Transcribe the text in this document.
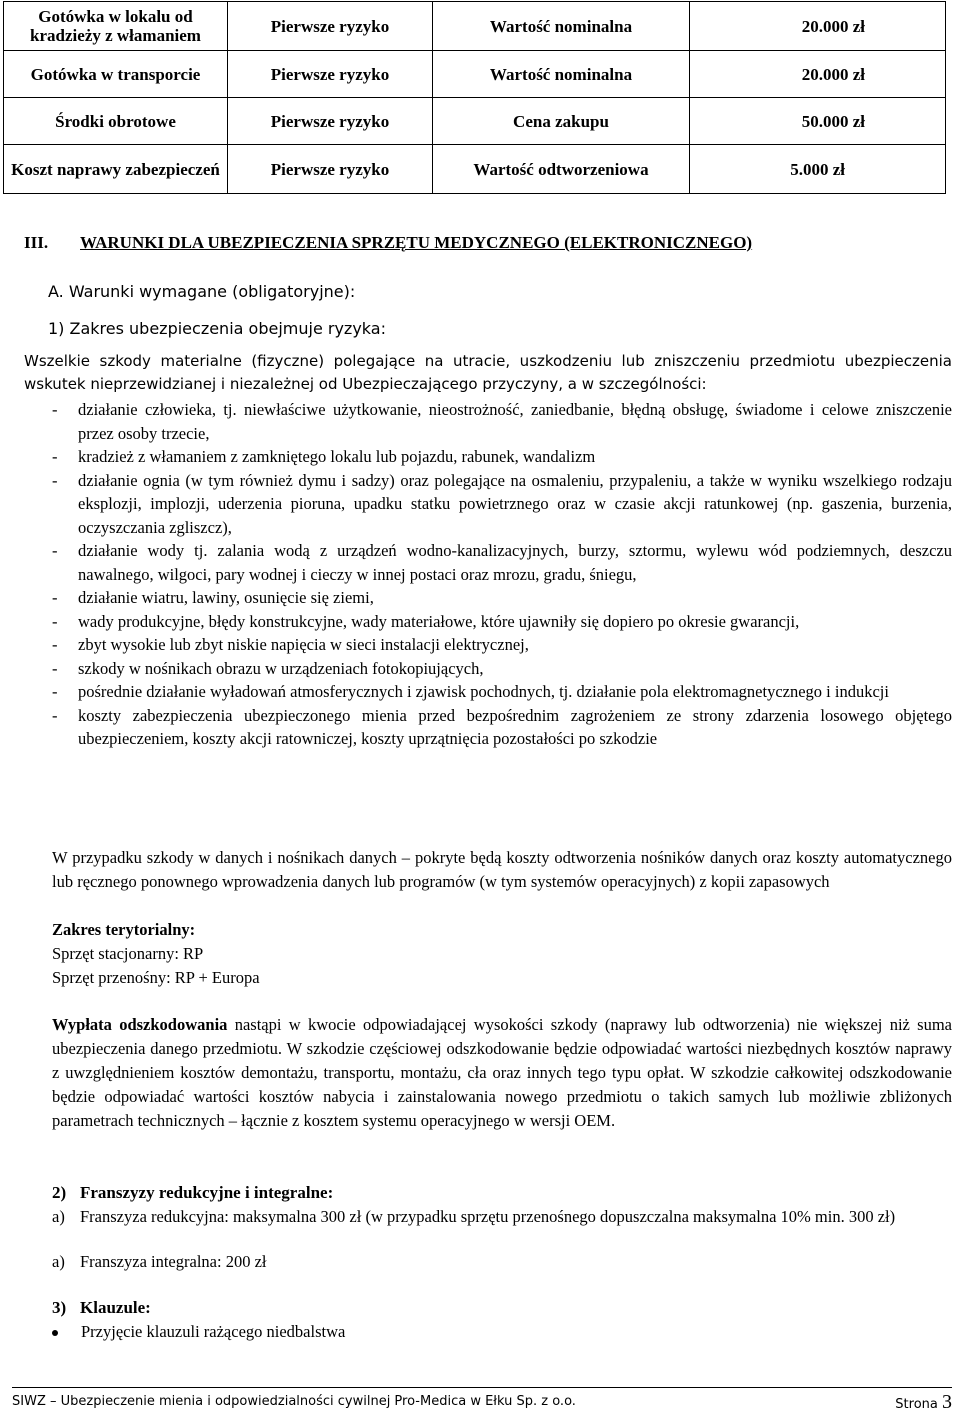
Gotówka w lokalu od kradzieży z włamaniem	Pierwsze ryzyko	Wartość nominalna	20.000 zł
Gotówka w transporcie	Pierwsze ryzyko	Wartość nominalna	20.000 zł
Środki obrotowe	Pierwsze ryzyko	Cena zakupu	50.000 zł
Koszt naprawy zabezpieczeń	Pierwsze ryzyko	Wartość odtworzeniowa	5.000 zł
III. WARUNKI DLA UBEZPIECZENIA SPRZĘTU MEDYCZNEGO (ELEKTRONICZNEGO)
A. Warunki wymagane (obligatoryjne):
1) Zakres ubezpieczenia obejmuje ryzyka:
Wszelkie szkody materialne (fizyczne) polegające na utracie, uszkodzeniu lub zniszczeniu przedmiotu ubezpieczenia wskutek nieprzewidzianej i niezależnej od Ubezpieczającego przyczyny, a w szczególności:
- działanie człowieka, tj. niewłaściwe użytkowanie, nieostrożność, zaniedbanie, błędną obsługę, świadome i celowe zniszczenie przez osoby trzecie,
- kradzież z włamaniem z zamkniętego lokalu lub pojazdu, rabunek, wandalizm
- działanie ognia (w tym również dymu i sadzy) oraz polegające na osmaleniu, przypaleniu, a także w wyniku wszelkiego rodzaju eksplozji, implozji, uderzenia pioruna, upadku statku powietrznego oraz w czasie akcji ratunkowej (np. gaszenia, burzenia, oczyszczania zgliszcz),
- działanie wody tj. zalania wodą z urządzeń wodno-kanalizacyjnych, burzy, sztormu, wylewu wód podziemnych, deszczu nawalnego, wilgoci, pary wodnej i cieczy w innej postaci oraz mrozu, gradu, śniegu,
- działanie wiatru, lawiny, osunięcie się ziemi,
- wady produkcyjne, błędy konstrukcyjne, wady materiałowe, które ujawniły się dopiero po okresie gwarancji,
- zbyt wysokie lub zbyt niskie napięcia w sieci instalacji elektrycznej,
- szkody w nośnikach obrazu w urządzeniach fotokopiujących,
- pośrednie działanie wyładowań atmosferycznych i zjawisk pochodnych, tj. działanie pola elektromagnetycznego i indukcji
- koszty zabezpieczenia ubezpieczonego mienia przed bezpośrednim zagrożeniem ze strony zdarzenia losowego objętego ubezpieczeniem, koszty akcji ratowniczej, koszty uprzątnięcia pozostałości po szkodzie
W przypadku szkody w danych i nośnikach danych – pokryte będą koszty odtworzenia nośników danych oraz koszty automatycznego lub ręcznego ponownego wprowadzenia danych lub programów (w tym systemów operacyjnych) z kopii zapasowych
Zakres terytorialny:
Sprzęt stacjonarny: RP
Sprzęt przenośny: RP + Europa
Wypłata odszkodowania nastąpi w kwocie odpowiadającej wysokości szkody (naprawy lub odtworzenia) nie większej niż suma ubezpieczenia danego przedmiotu. W szkodzie częściowej odszkodowanie będzie odpowiadać wartości niezbędnych kosztów naprawy z uwzględnieniem kosztów demontażu, transportu, montażu, cła oraz innych tego typu opłat. W szkodzie całkowitej odszkodowanie będzie odpowiadać wartości kosztów nabycia i zainstalowania nowego przedmiotu o takich samych lub możliwie zbliżonych parametrach technicznych – łącznie z kosztem systemu operacyjnego w wersji OEM.
2) Franszyzy redukcyjne i integralne:
a) Franszyza redukcyjna: maksymalna 300 zł (w przypadku sprzętu przenośnego dopuszczalna maksymalna 10% min. 300 zł)
a) Franszyza integralna: 200 zł
3) Klauzule:
Przyjęcie klauzuli rażącego niedbalstwa
SIWZ – Ubezpieczenie mienia i odpowiedzialności cywilnej Pro-Medica w Ełku Sp. z o.o.	Strona 3
